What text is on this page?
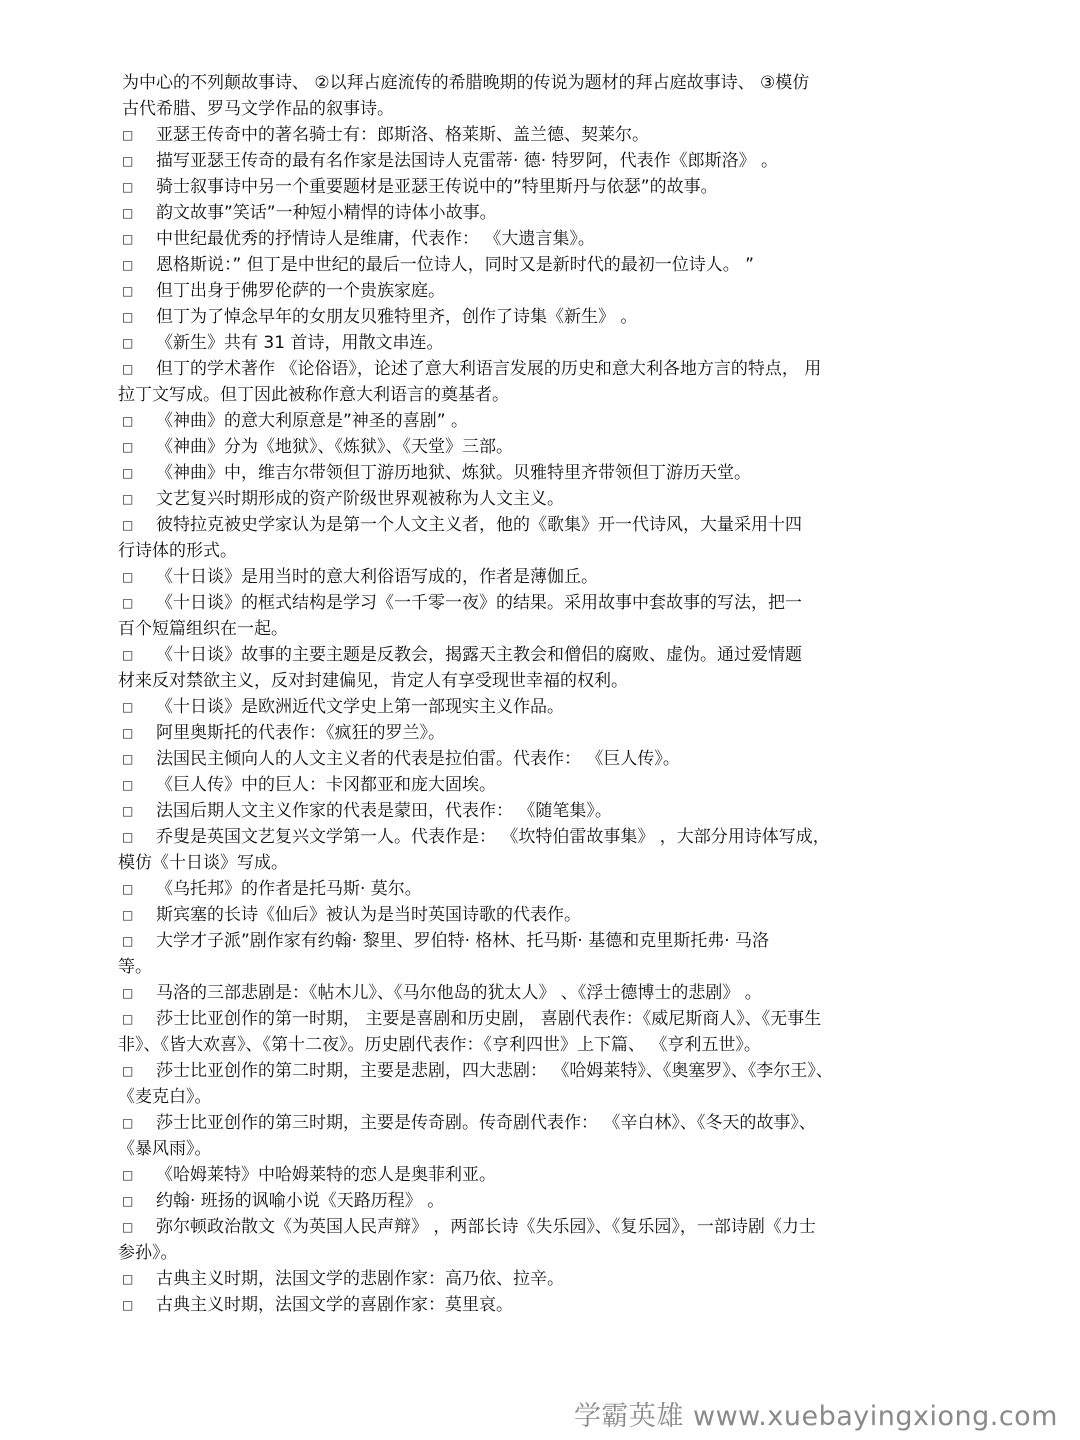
为中心的不列颠故事诗、 ②以拜占庭流传的希腊晚期的传说为题材的拜占庭故事诗、 ③模仿

古代希腊、罗马文学作品的叙事诗。

□	亚瑟王传奇中的著名骑士有：郎斯洛、格莱斯、盖兰德、契莱尔。
□	描写亚瑟王传奇的最有名作家是法国诗人克雷蒂· 德· 特罗阿，代表作《郎斯洛》 。
□	骑士叙事诗中另一个重要题材是亚瑟王传说中的”特里斯丹与依瑟”的故事。
□	韵文故事”笑话”一种短小精悍的诗体小故事。
□	中世纪最优秀的抒情诗人是维庸，代表作： 《大遗言集》。
□	恩格斯说：” 但丁是中世纪的最后一位诗人，同时又是新时代的最初一位诗人。 ”
□	但丁出身于佛罗伦萨的一个贵族家庭。
□	但丁为了悼念早年的女朋友贝雅特里齐，创作了诗集《新生》 。
□	《新生》共有 31 首诗，用散文串连。
□	但丁的学术著作 《论俗语》，论述了意大利语言发展的历史和意大利各地方言的特点， 用
拉丁文写成。但丁因此被称作意大利语言的奠基者。
□	《神曲》的意大利原意是”神圣的喜剧” 。
□	《神曲》分为《地狱》、《炼狱》、《天堂》三部。
□	《神曲》中，维吉尔带领但丁游历地狱、炼狱。贝雅特里齐带领但丁游历天堂。
□	文艺复兴时期形成的资产阶级世界观被称为人文主义。
□	彼特拉克被史学家认为是第一个人文主义者，他的《歌集》开一代诗风，大量采用十四
行诗体的形式。
□	《十日谈》是用当时的意大利俗语写成的，作者是薄伽丘。
□	《十日谈》的框式结构是学习《一千零一夜》的结果。采用故事中套故事的写法，把一
百个短篇组织在一起。
□	《十日谈》故事的主要主题是反教会，揭露天主教会和僧侣的腐败、虚伪。通过爱情题
材来反对禁欲主义，反对封建偏见，肯定人有享受现世幸福的权利。
□	《十日谈》是欧洲近代文学史上第一部现实主义作品。
□	阿里奥斯托的代表作：《疯狂的罗兰》。
□	法国民主倾向人的人文主义者的代表是拉伯雷。代表作： 《巨人传》。
□	《巨人传》中的巨人：卡冈都亚和庞大固埃。
□	法国后期人文主义作家的代表是蒙田，代表作： 《随笔集》。
□	乔叟是英国文艺复兴文学第一人。代表作是： 《坎特伯雷故事集》 ，大部分用诗体写成，
模仿《十日谈》写成。
□	《乌托邦》的作者是托马斯· 莫尔。
□	斯宾塞的长诗《仙后》被认为是当时英国诗歌的代表作。
□	大学才子派”剧作家有约翰· 黎里、罗伯特· 格林、托马斯· 基德和克里斯托弗· 马洛
等。
□	马洛的三部悲剧是：《帖木儿》、《马尔他岛的犹太人》 、《浮士德博士的悲剧》 。
□	莎士比亚创作的第一时期， 主要是喜剧和历史剧， 喜剧代表作：《威尼斯商人》、《无事生
非》、《皆大欢喜》、《第十二夜》。历史剧代表作：《亨利四世》上下篇、 《亨利五世》。
□	莎士比亚创作的第二时期，主要是悲剧，四大悲剧： 《哈姆莱特》、《奥塞罗》、《李尔王》、
《麦克白》。
□	莎士比亚创作的第三时期，主要是传奇剧。传奇剧代表作： 《辛白林》、《冬天的故事》、
《暴风雨》。
□	《哈姆莱特》中哈姆莱特的恋人是奥菲利亚。
□	约翰· 班扬的讽喻小说《天路历程》 。
□	弥尔顿政治散文《为英国人民声辩》 ，两部长诗《失乐园》、《复乐园》，一部诗剧《力士
参孙》。
□	古典主义时期，法国文学的悲剧作家：高乃依、拉辛。
□	古典主义时期，法国文学的喜剧作家：莫里哀。
学霸英雄 www.xuebayingxiong.com
